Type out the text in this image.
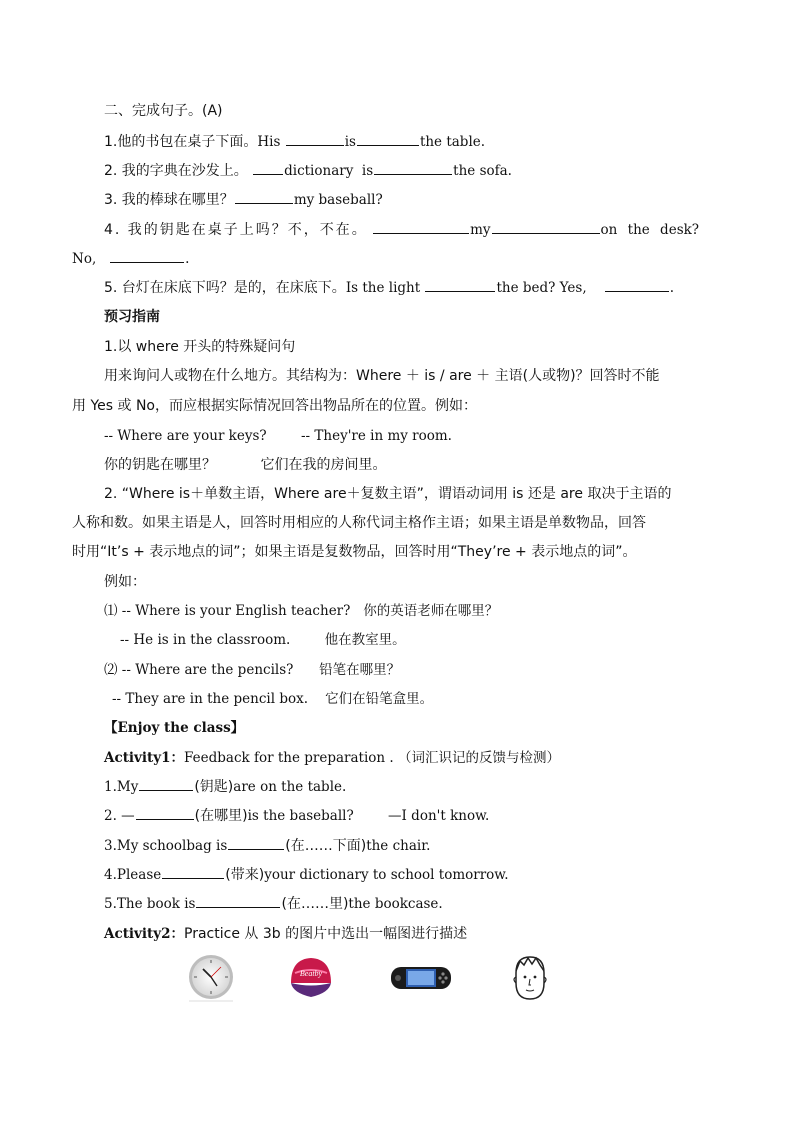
二、完成句子。(A)
1.他的书包在桌子下面。His	is	the table.
2. 我的字典在沙发上。	dictionary is	the sofa.
3. 我的棒球在哪里？	my baseball?
4. 我的钥匙在桌子上吗？不，不在。	my	on the desk?
No,	.
5. 台灯在床底下吗？是的，在床底下。Is the light	the bed? Yes,	.
预习指南
1.以 where 开头的特殊疑问句
用来询问人或物在什么地方。其结构为：Where ＋ is / are ＋ 主语(人或物)？回答时不能
用 Yes 或 No，而应根据实际情况回答出物品所在的位置。例如：
-- Where are your keys?        -- They're in my room.
你的钥匙在哪里？          它们在我的房间里。
2. “Where is＋单数主语，Where are＋复数主语”，谓语动词用 is 还是 are 取决于主语的
人称和数。如果主语是人，回答时用相应的人称代词主格作主语；如果主语是单数物品，回答
时用“It’s + 表示地点的词”；如果主语是复数物品，回答时用“They’re + 表示地点的词”。
例如：
⑴ -- Where is your English teacher?   你的英语老师在哪里？
-- He is in the classroom.        他在教室里。
⑵ -- Where are the pencils?      铅笔在哪里？
-- They are in the pencil box.    它们在铅笔盒里。
【Enjoy the class】
Activity1：Feedback for the preparation . （词汇识记的反馈与检测）
1.My	(钥匙)are on the table.
2. —	(在哪里)is the baseball?        —I don't know.
3.My schoolbag is	(在……下面)the chair.
4.Please	(带来)your dictionary to school tomorrow.
5.The book is	(在……里)the bookcase.
Activity2：Practice 从 3b 的图片中选出一幅图进行描述
Beatby
